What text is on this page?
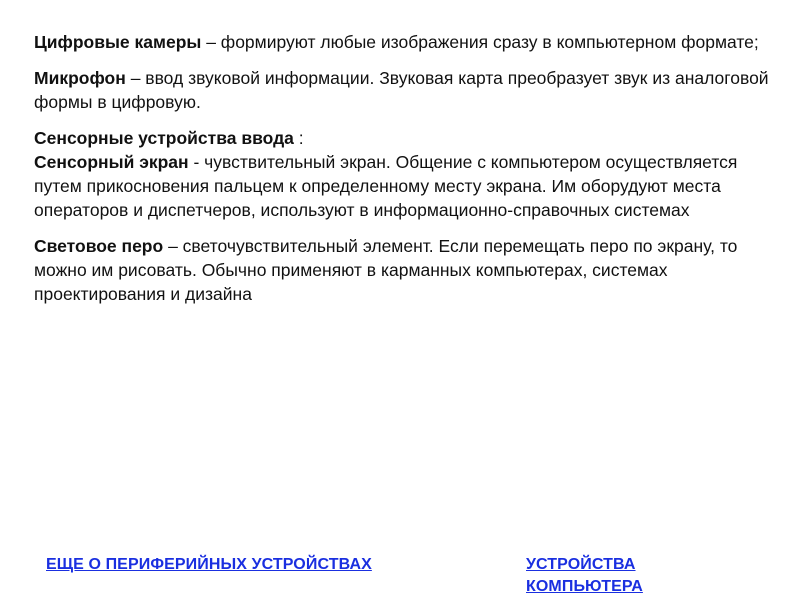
Цифровые камеры – формируют любые изображения сразу в компьютерном формате;

Микрофон – ввод звуковой информации. Звуковая карта преобразует звук из аналоговой формы в цифровую.

Сенсорные устройства ввода :
Сенсорный экран - чувствительный экран. Общение с компьютером осуществляется путем прикосновения пальцем к определенному месту экрана. Им оборудуют места операторов и диспетчеров, используют в информационно-справочных системах

Световое перо – светочувствительный элемент. Если перемещать перо по экрану, то можно им рисовать. Обычно применяют в карманных компьютерах, системах проектирования и дизайна

ЕЩЕ О ПЕРИФЕРИЙНЫХ УСТРОЙСТВАХ	УСТРОЙСТВА КОМПЬЮТЕРА
